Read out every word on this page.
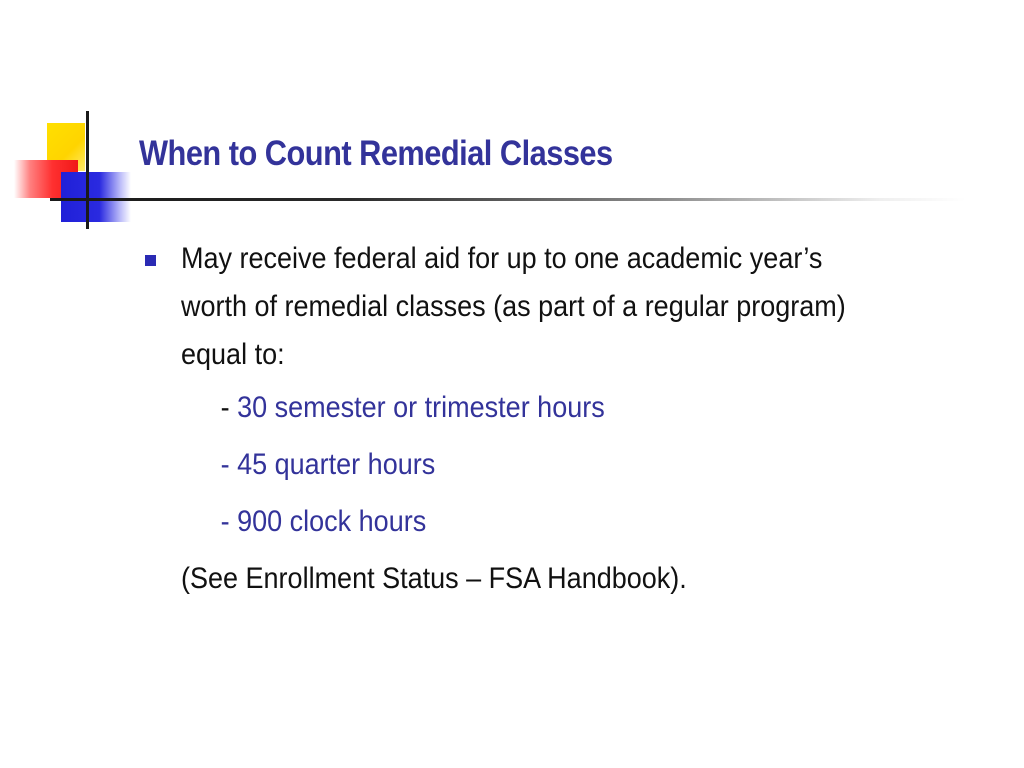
When to Count Remedial Classes
May receive federal aid for up to one academic year’s
worth of remedial classes (as part of a regular program)
equal to:
- 30 semester or trimester hours
- 45 quarter hours
- 900 clock hours
(See Enrollment Status – FSA Handbook).
